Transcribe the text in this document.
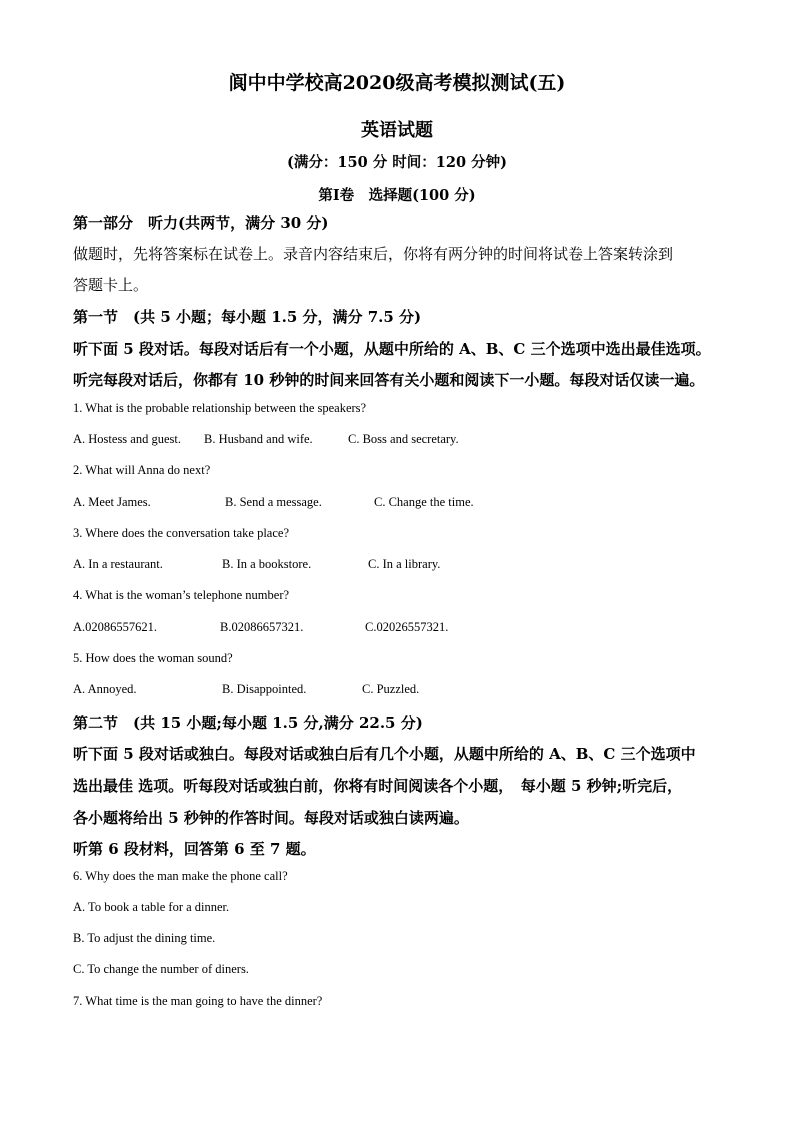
阆中中学校高2020级高考模拟测试(五)
英语试题
(满分：150 分 时间：120 分钟)
第Ⅰ卷　选择题(100 分)
第一部分　听力(共两节，满分 30 分)
做题时，先将答案标在试卷上。录音内容结束后，你将有两分钟的时间将试卷上答案转涂到
答题卡上。
第一节　(共 5 小题；每小题 1.5 分，满分 7.5 分)
听下面 5 段对话。每段对话后有一个小题，从题中所给的 A、B、C 三个选项中选出最佳选项。
听完每段对话后，你都有 10 秒钟的时间来回答有关小题和阅读下一小题。每段对话仅读一遍。
1. What is the probable relationship between the speakers?
A. Hostess and guest. B. Husband and wife.	C. Boss and secretary.
2. What will Anna do next?
A. Meet James.	B. Send a message.	C. Change the time.
3. Where does the conversation take place?
A. In a restaurant.	B. In a bookstore.	C. In a library.
4. What is the woman’s telephone number?
A.02086557621.	B.02086657321.	C.02026557321.
5. How does the woman sound?
A. Annoyed.	B. Disappointed.	C. Puzzled.
第二节　(共 15 小题;每小题 1.5 分,满分 22.5 分)
听下面 5 段对话或独白。每段对话或独白后有几个小题，从题中所给的 A、B、C 三个选项中
选出最佳 选项。听每段对话或独白前，你将有时间阅读各个小题，　每小题 5 秒钟;听完后，
各小题将给出 5 秒钟的作答时间。每段对话或独白读两遍。
听第 6 段材料，回答第 6 至 7 题。
6. Why does the man make the phone call?
A. To book a table for a dinner.
B. To adjust the dining time.
C. To change the number of diners.
7. What time is the man going to have the dinner?
